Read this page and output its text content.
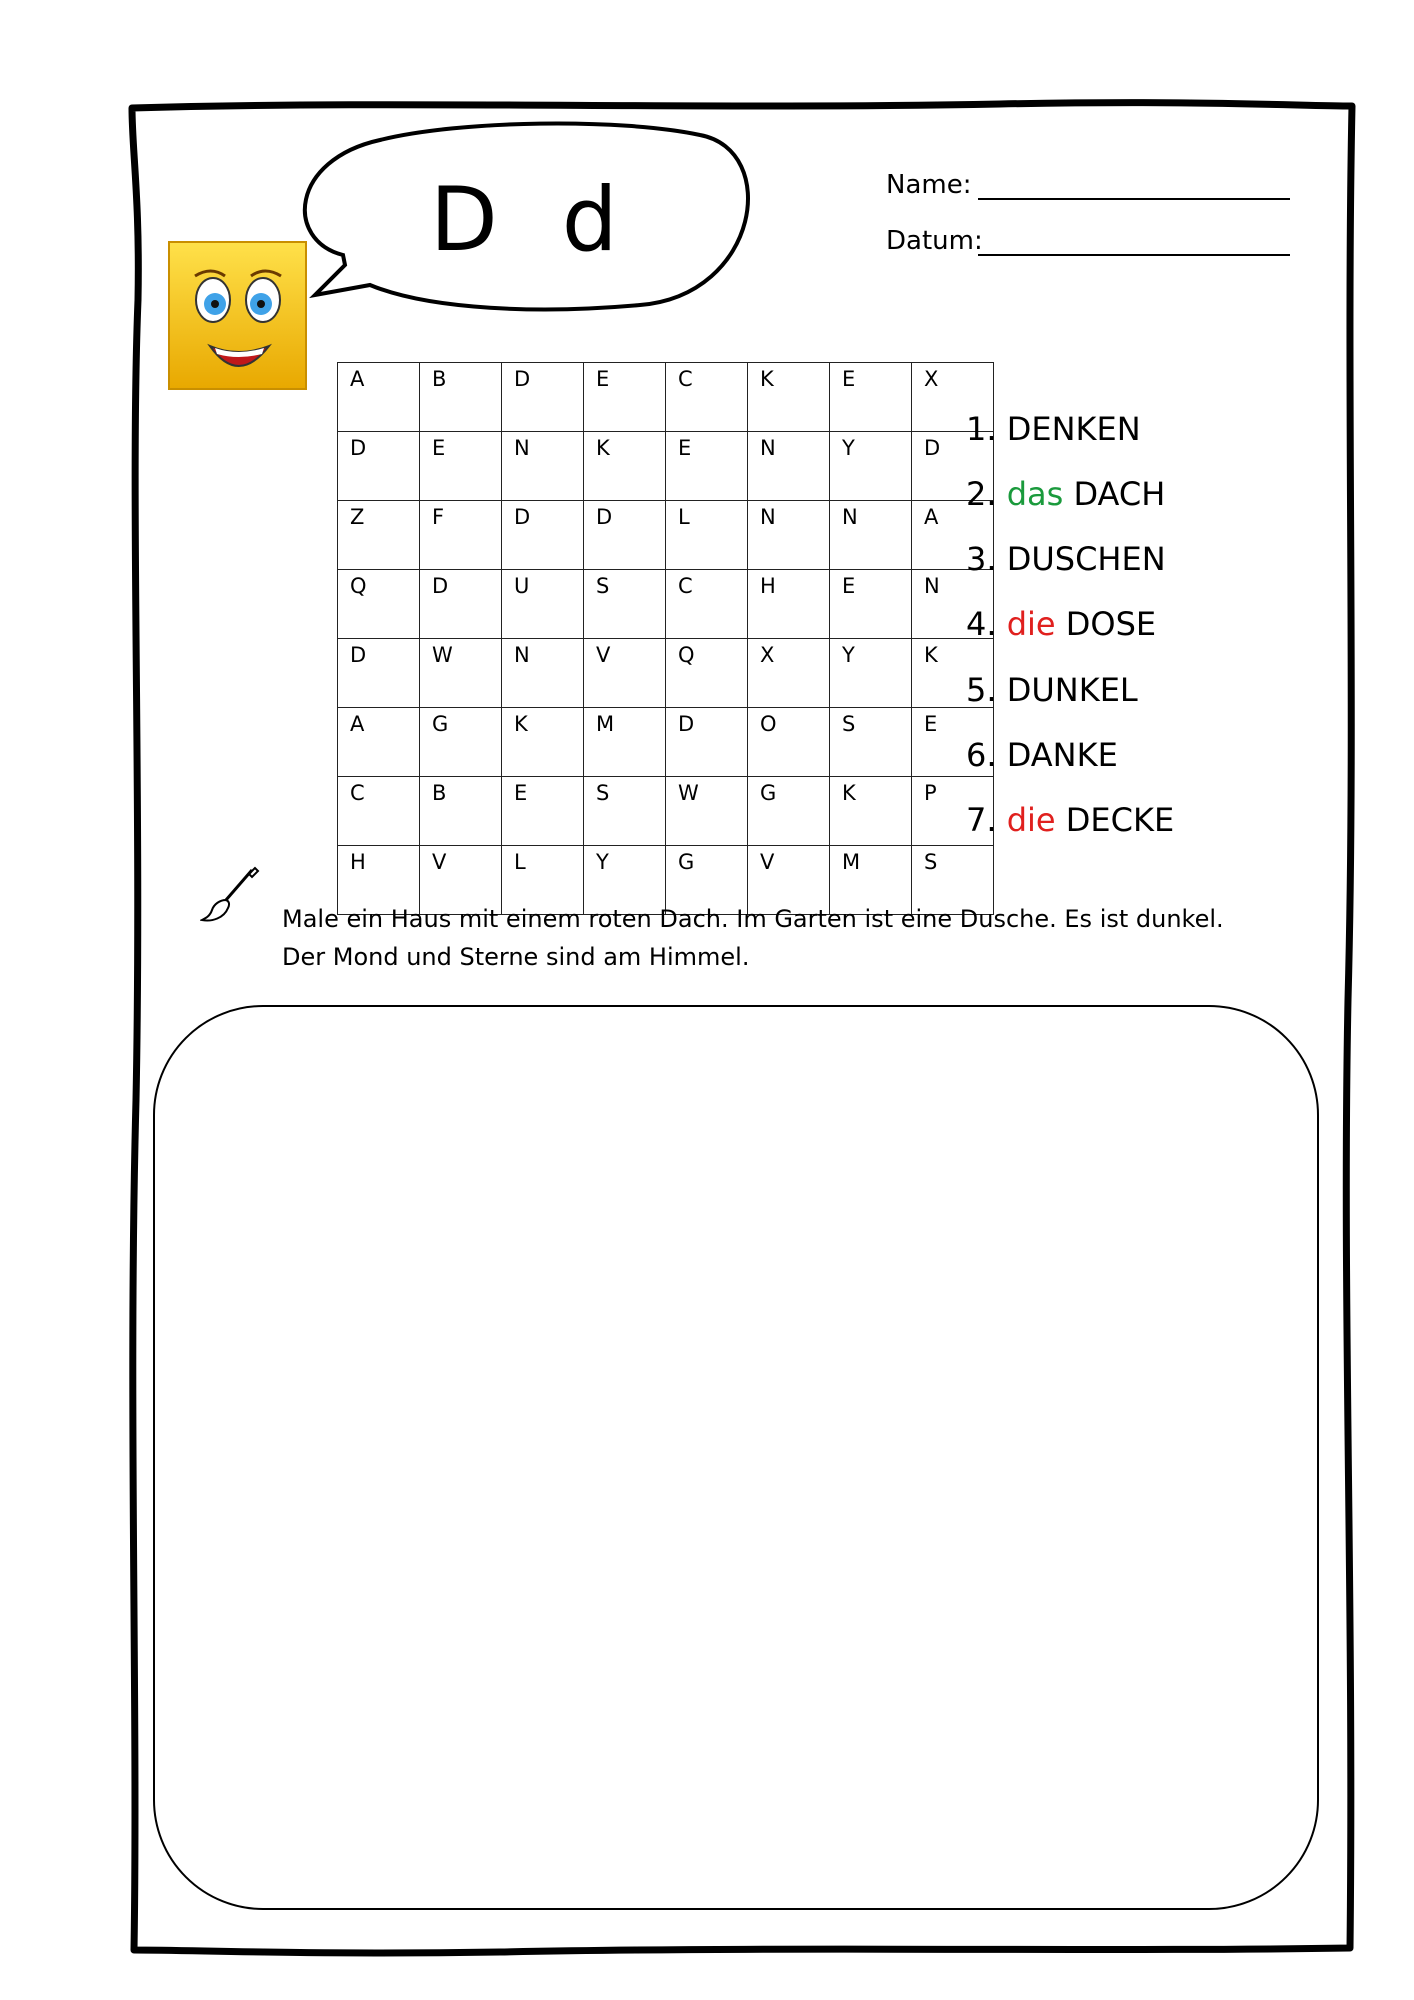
D d	Name:
Datum:
A	B	D	E	C	K	E	X
D	E	N	K	E	N	Y	D
Z	F	D	D	L	N	N	A
Q	D	U	S	C	H	E	N
D	W	N	V	Q	X	Y	K
A	G	K	M	D	O	S	E
C	B	E	S	W	G	K	P
H	V	L	Y	G	V	M	S
1. DENKEN
2. das DACH
3. DUSCHEN
4. die DOSE
5. DUNKEL
6. DANKE
7. die DECKE
Male ein Haus mit einem roten Dach. Im Garten ist eine Dusche. Es ist dunkel.
Der Mond und Sterne sind am Himmel.
